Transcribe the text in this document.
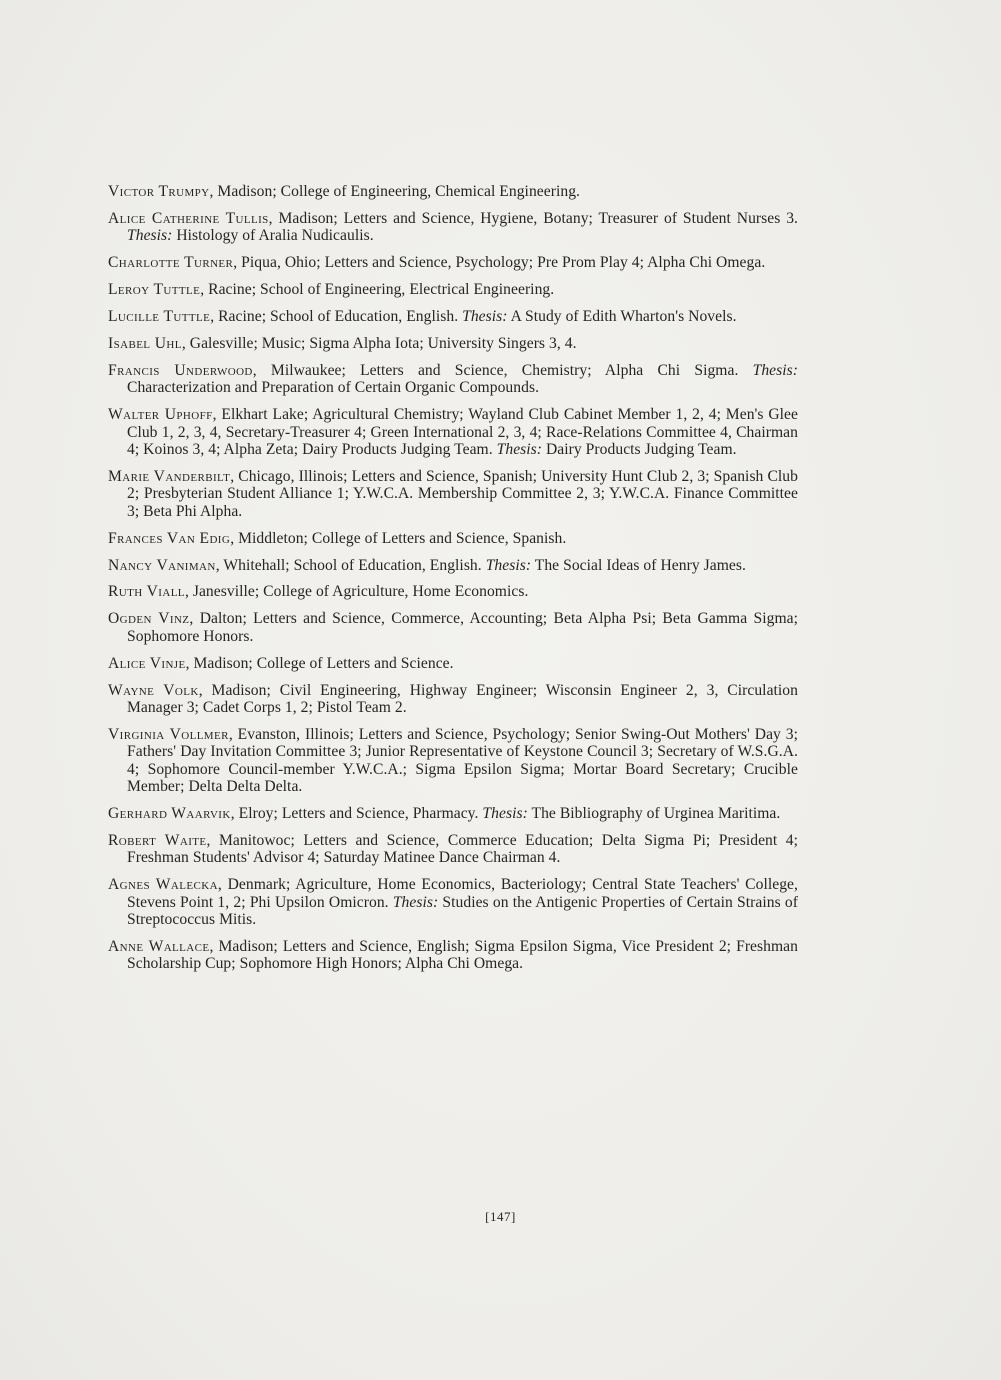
Victor Trumpy, Madison; College of Engineering, Chemical Engineering.

Alice Catherine Tullis, Madison; Letters and Science, Hygiene, Botany; Treasurer of Student Nurses 3. Thesis: Histology of Aralia Nudicaulis.

Charlotte Turner, Piqua, Ohio; Letters and Science, Psychology; Pre Prom Play 4; Alpha Chi Omega.

Leroy Tuttle, Racine; School of Engineering, Electrical Engineering.

Lucille Tuttle, Racine; School of Education, English. Thesis: A Study of Edith Wharton's Novels.

Isabel Uhl, Galesville; Music; Sigma Alpha Iota; University Singers 3, 4.

Francis Underwood, Milwaukee; Letters and Science, Chemistry; Alpha Chi Sigma. Thesis: Characterization and Preparation of Certain Organic Compounds.

Walter Uphoff, Elkhart Lake; Agricultural Chemistry; Wayland Club Cabinet Member 1, 2, 4; Men's Glee Club 1, 2, 3, 4, Secretary-Treasurer 4; Green International 2, 3, 4; Race-Relations Committee 4, Chairman 4; Koinos 3, 4; Alpha Zeta; Dairy Products Judging Team. Thesis: Dairy Products Judging Team.

Marie Vanderbilt, Chicago, Illinois; Letters and Science, Spanish; University Hunt Club 2, 3; Spanish Club 2; Presbyterian Student Alliance 1; Y.W.C.A. Membership Committee 2, 3; Y.W.C.A. Finance Committee 3; Beta Phi Alpha.

Frances Van Edig, Middleton; College of Letters and Science, Spanish.

Nancy Vaniman, Whitehall; School of Education, English. Thesis: The Social Ideas of Henry James.

Ruth Viall, Janesville; College of Agriculture, Home Economics.

Ogden Vinz, Dalton; Letters and Science, Commerce, Accounting; Beta Alpha Psi; Beta Gamma Sigma; Sophomore Honors.

Alice Vinje, Madison; College of Letters and Science.

Wayne Volk, Madison; Civil Engineering, Highway Engineer; Wisconsin Engineer 2, 3, Circulation Manager 3; Cadet Corps 1, 2; Pistol Team 2.

Virginia Vollmer, Evanston, Illinois; Letters and Science, Psychology; Senior Swing-Out Mothers' Day 3; Fathers' Day Invitation Committee 3; Junior Representative of Keystone Council 3; Secretary of W.S.G.A. 4; Sophomore Council-member Y.W.C.A.; Sigma Epsilon Sigma; Mortar Board Secretary; Crucible Member; Delta Delta Delta.

Gerhard Waarvik, Elroy; Letters and Science, Pharmacy. Thesis: The Bibliography of Urginea Maritima.

Robert Waite, Manitowoc; Letters and Science, Commerce Education; Delta Sigma Pi; President 4; Freshman Students' Advisor 4; Saturday Matinee Dance Chairman 4.

Agnes Walecka, Denmark; Agriculture, Home Economics, Bacteriology; Central State Teachers' College, Stevens Point 1, 2; Phi Upsilon Omicron. Thesis: Studies on the Antigenic Properties of Certain Strains of Streptococcus Mitis.

Anne Wallace, Madison; Letters and Science, English; Sigma Epsilon Sigma, Vice President 2; Freshman Scholarship Cup; Sophomore High Honors; Alpha Chi Omega.

[147]
